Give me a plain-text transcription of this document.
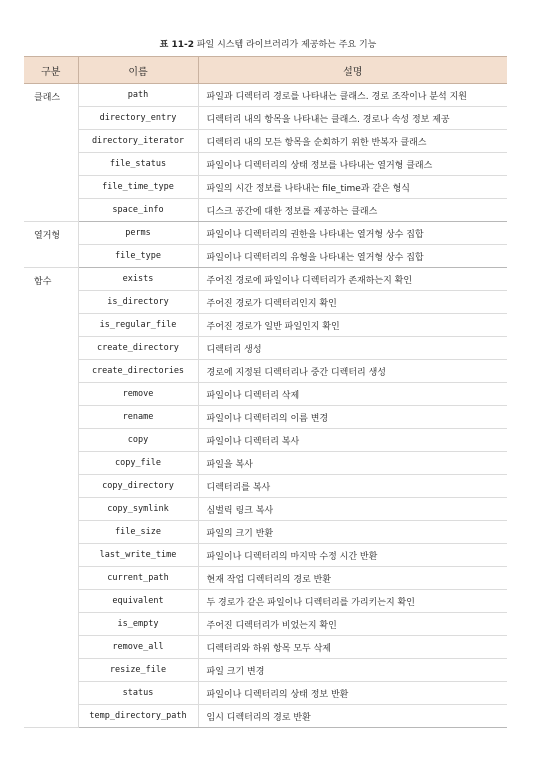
표 11-2 파일 시스템 라이브러리가 제공하는 주요 기능
구분	이름	설명
클래스	path	파일과 디렉터리 경로를 나타내는 클래스. 경로 조작이나 분석 지원
	directory_entry	디렉터리 내의 항목을 나타내는 클래스. 경로나 속성 정보 제공
	directory_iterator	디렉터리 내의 모든 항목을 순회하기 위한 반복자 클래스
	file_status	파일이나 디렉터리의 상태 정보를 나타내는 열거형 클래스
	file_time_type	파일의 시간 정보를 나타내는 file_time과 같은 형식
	space_info	디스크 공간에 대한 정보를 제공하는 클래스
열거형	perms	파일이나 디렉터리의 권한을 나타내는 열거형 상수 집합
	file_type	파일이나 디렉터리의 유형을 나타내는 열거형 상수 집합
함수	exists	주어진 경로에 파일이나 디렉터리가 존재하는지 확인
	is_directory	주어진 경로가 디렉터리인지 확인
	is_regular_file	주어진 경로가 일반 파일인지 확인
	create_directory	디렉터리 생성
	create_directories	경로에 지정된 디렉터리나 중간 디렉터리 생성
	remove	파일이나 디렉터리 삭제
	rename	파일이나 디렉터리의 이름 변경
	copy	파일이나 디렉터리 복사
	copy_file	파일을 복사
	copy_directory	디렉터리를 복사
	copy_symlink	심벌릭 링크 복사
	file_size	파일의 크기 반환
	last_write_time	파일이나 디렉터리의 마지막 수정 시간 반환
	current_path	현재 작업 디렉터리의 경로 반환
	equivalent	두 경로가 같은 파일이나 디렉터리를 가리키는지 확인
	is_empty	주어진 디렉터리가 비었는지 확인
	remove_all	디렉터리와 하위 항목 모두 삭제
	resize_file	파일 크기 변경
	status	파일이나 디렉터리의 상태 정보 반환
	temp_directory_path	임시 디렉터리의 경로 반환
